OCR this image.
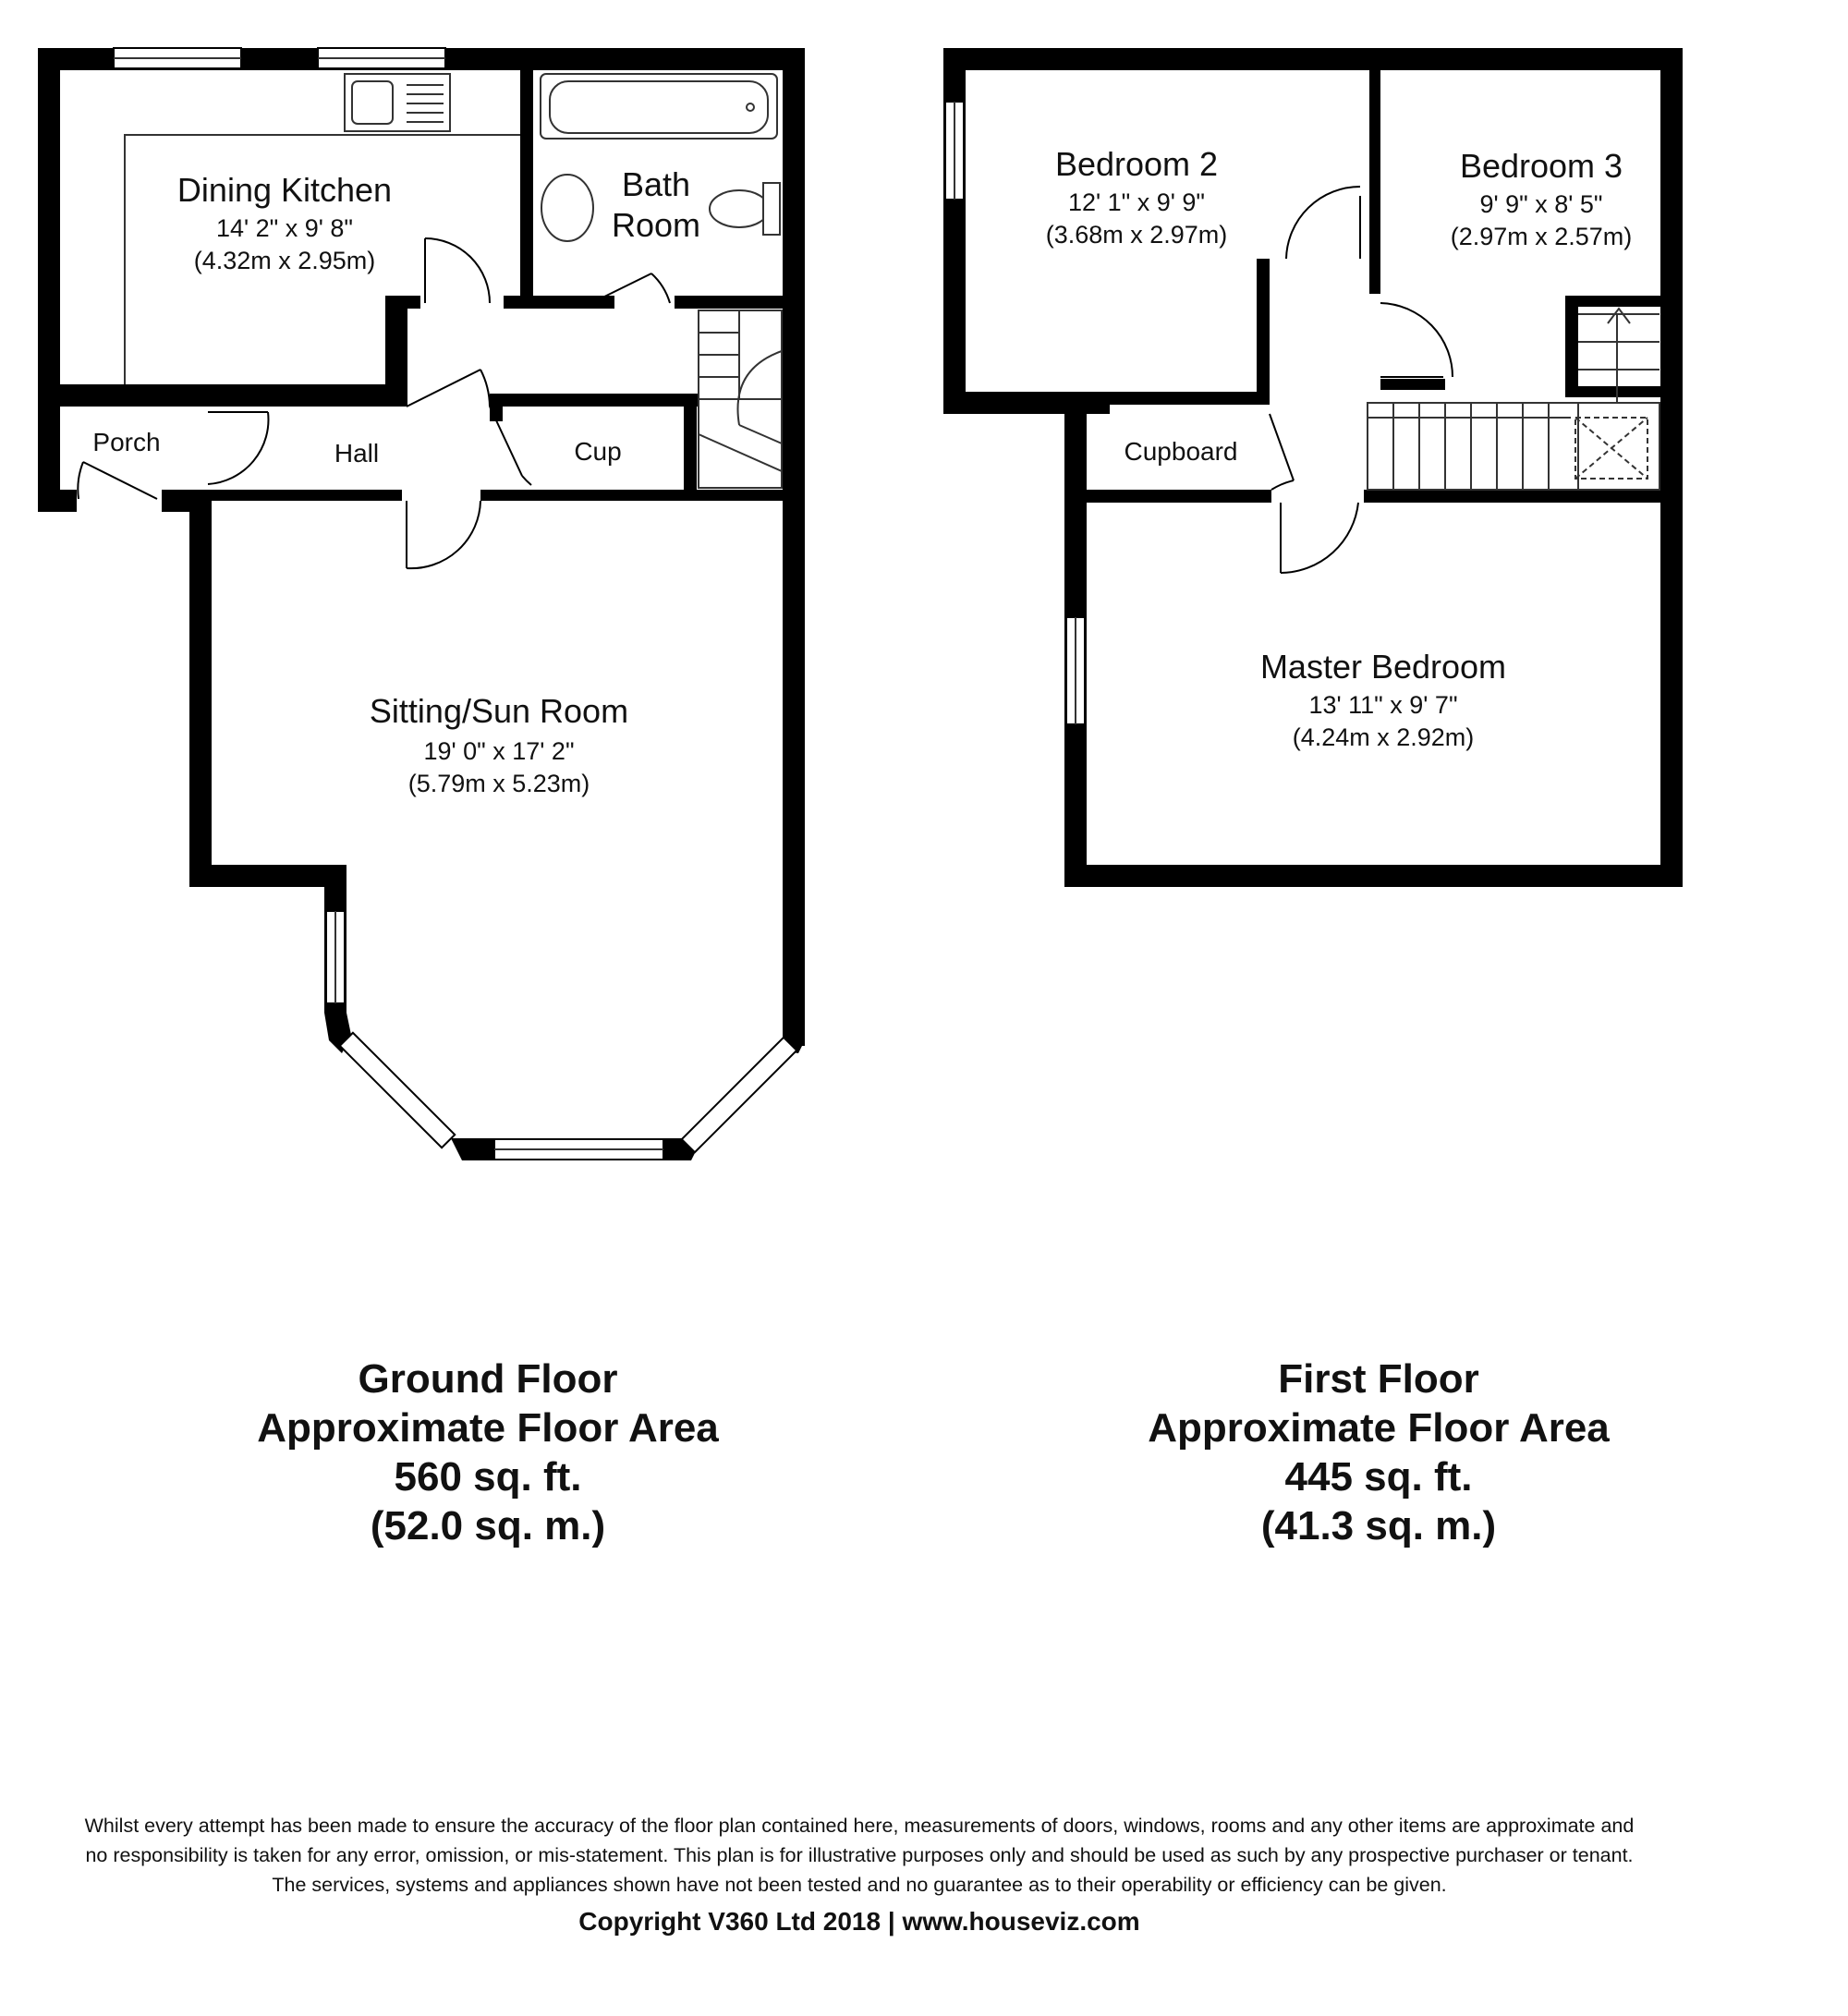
Dining Kitchen
14' 2" x 9' 8"
(4.32m x 2.95m)
Bath
Room
Porch	Hall	Cup
Sitting/Sun Room
19' 0" x 17' 2"
(5.79m x 5.23m)
Bedroom 2
12' 1" x 9' 9"
(3.68m x 2.97m)
Bedroom 3
9' 9" x 8' 5"
(2.97m x 2.57m)
Cupboard
Master Bedroom
13' 11" x 9' 7"
(4.24m x 2.92m)
Ground Floor
Approximate Floor Area
560 sq. ft.
(52.0 sq. m.)
First Floor
Approximate Floor Area
445 sq. ft.
(41.3 sq. m.)
Whilst every attempt has been made to ensure the accuracy of the floor plan contained here, measurements of doors, windows, rooms and any other items are approximate and
no responsibility is taken for any error, omission, or mis-statement. This plan is for illustrative purposes only and should be used as such by any prospective purchaser or tenant.
The services, systems and appliances shown have not been tested and no guarantee as to their operability or efficiency can be given.
Copyright V360 Ltd 2018 | www.houseviz.com
